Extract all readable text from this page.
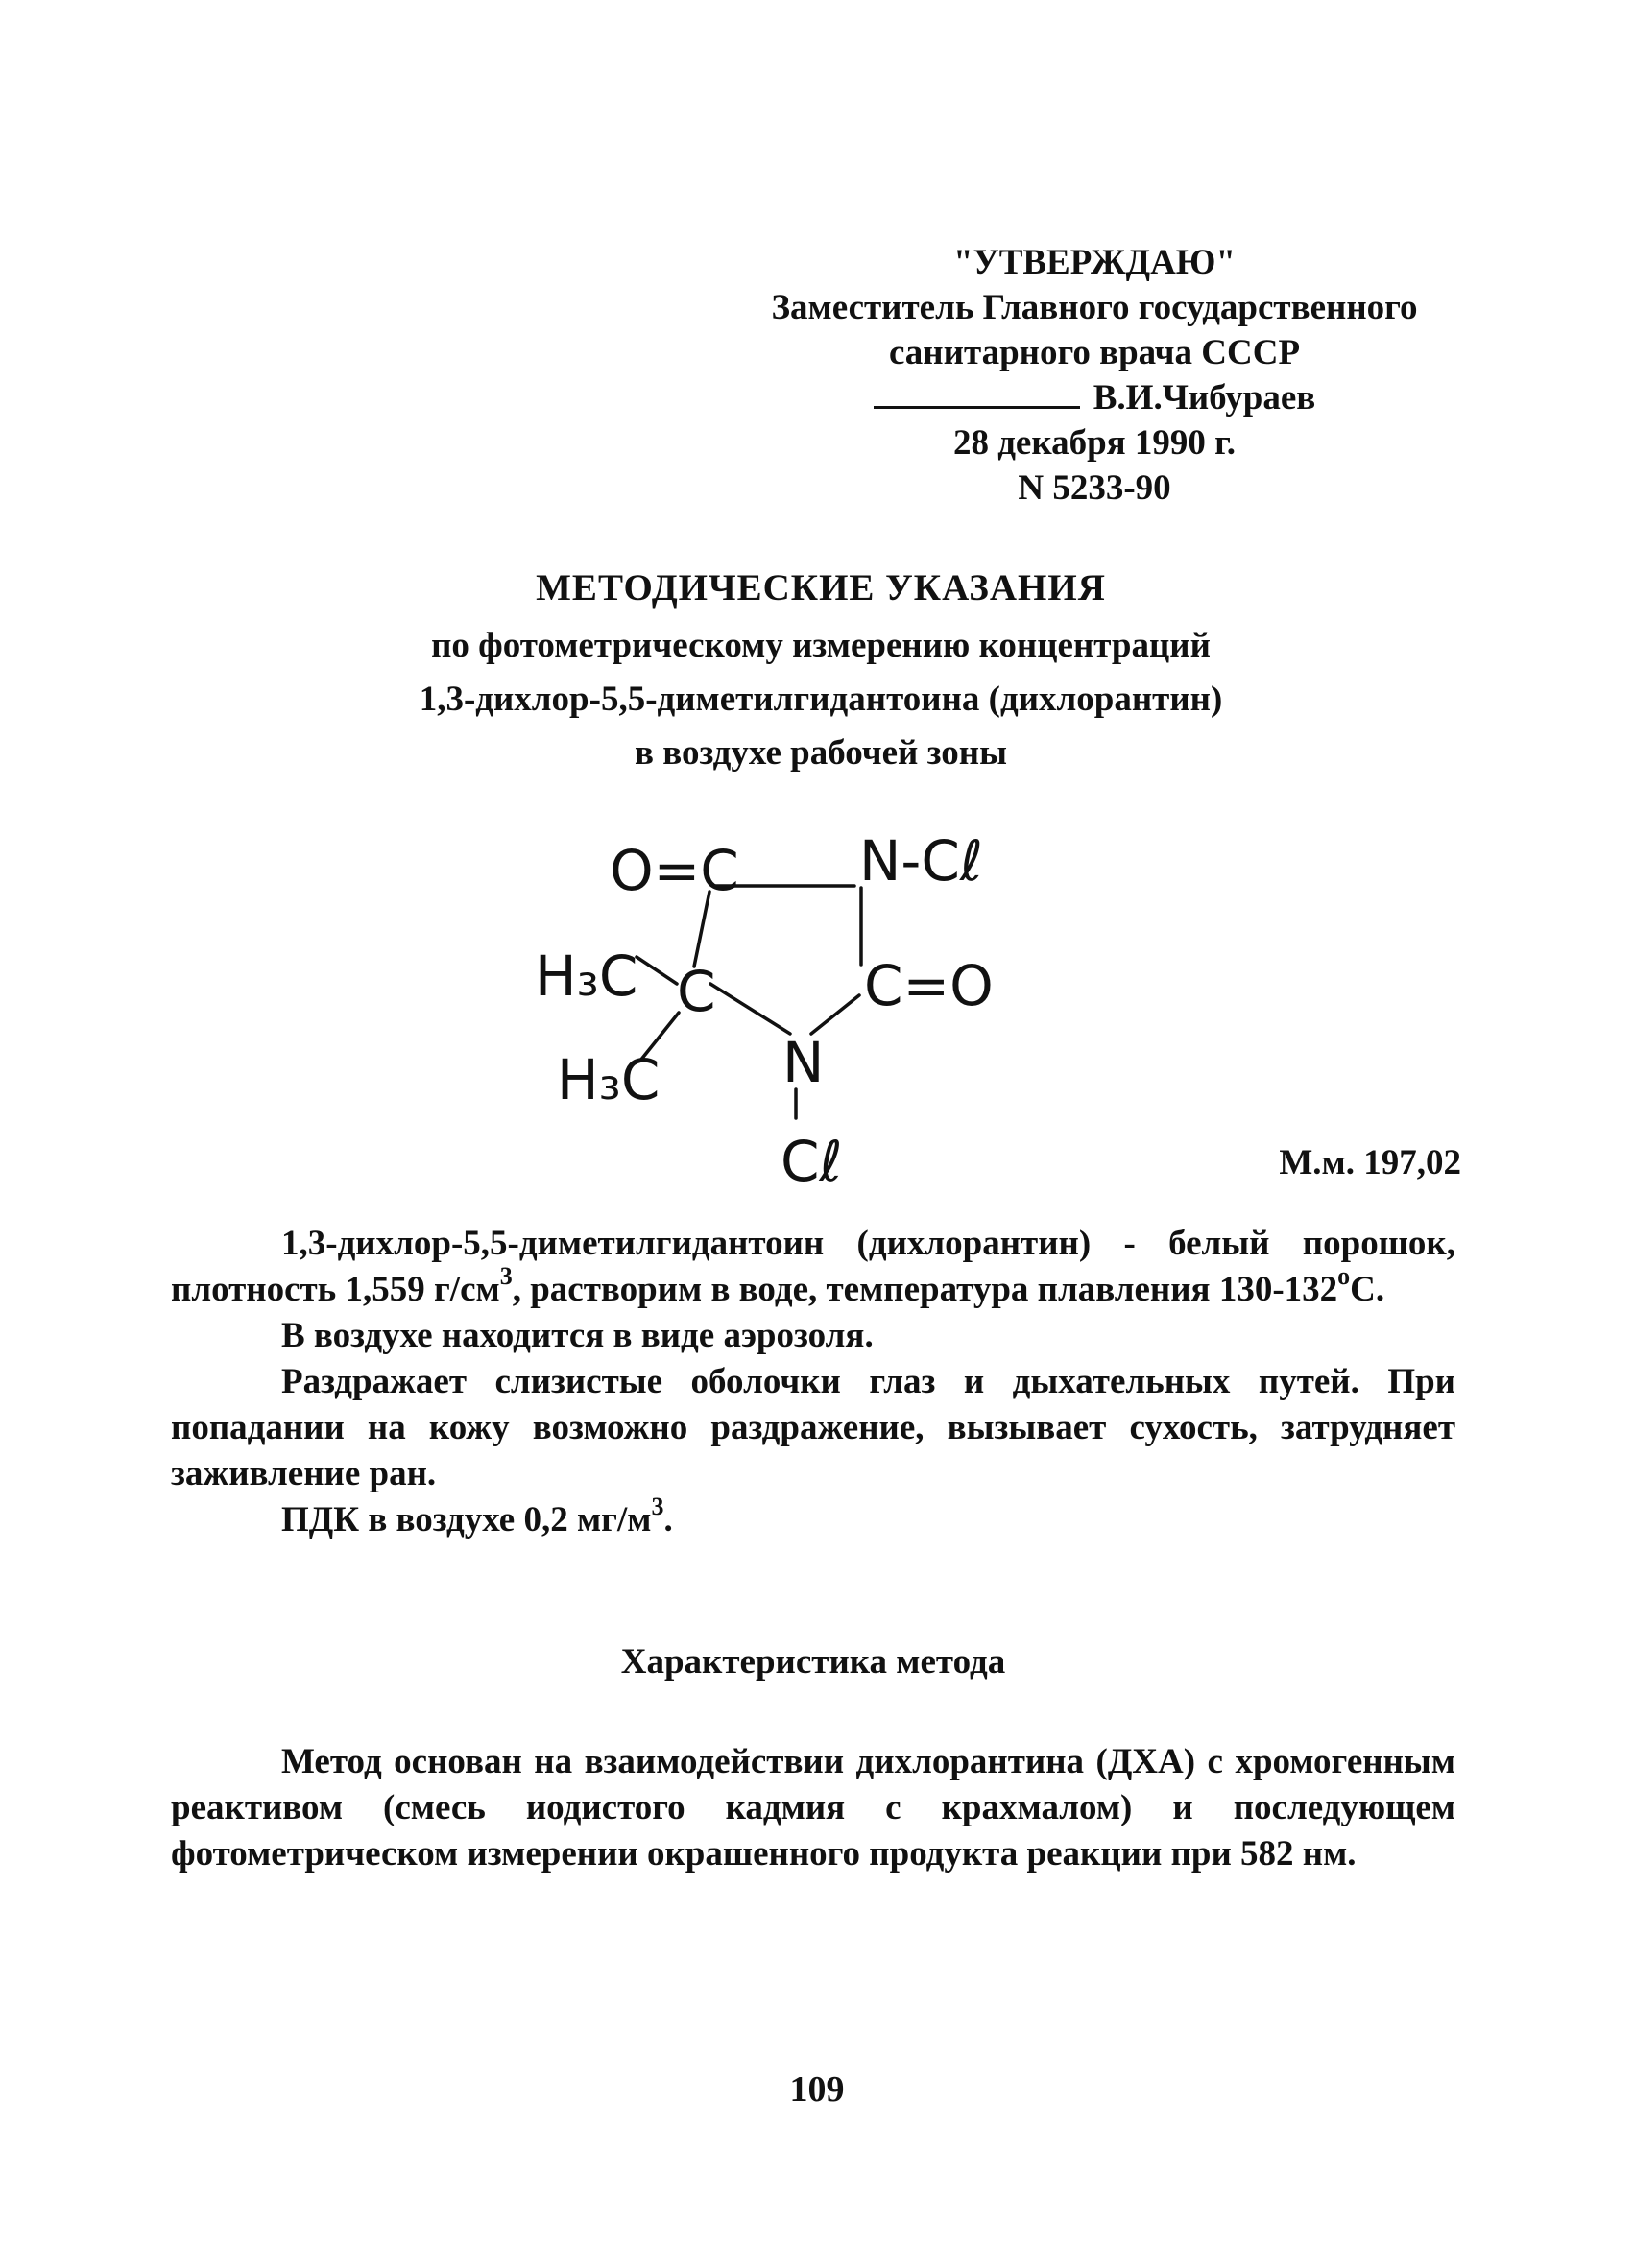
"УТВЕРЖДАЮ"
Заместитель Главного государственного
санитарного врача СССР
В.И.Чибураев
28 декабря 1990 г.
N 5233-90
МЕТОДИЧЕСКИЕ УКАЗАНИЯ
по фотометрическому измерению концентраций
1,3-дихлор-5,5-диметилгидантоина (дихлорантин)
в воздухе рабочей зоны
O=C N-Cℓ
H₃C C	C=O
H₃C N
Cℓ	М.м. 197,02

1,3-дихлор-5,5-диметилгидантоин (дихлорантин) - белый порошок, плотность 1,559 $г/см^3$, растворим в воде, температура плавления $130-132^оС$.

В воздухе находится в виде аэрозоля.

Раздражает слизистые оболочки глаз и дыхательных путей. При попадании на кожу возможно раздражение, вызывает сухость, затрудняет заживление ран.

ПДК в воздухе 0,2 $мг/м^3$.

Характеристика метода

Метод основан на взаимодействии дихлорантина (ДХА) с хромогенным реактивом (смесь иодистого кадмия с крахмалом) и последующем фотометрическом измерении окрашенного продукта реакции при 582 нм.

109
